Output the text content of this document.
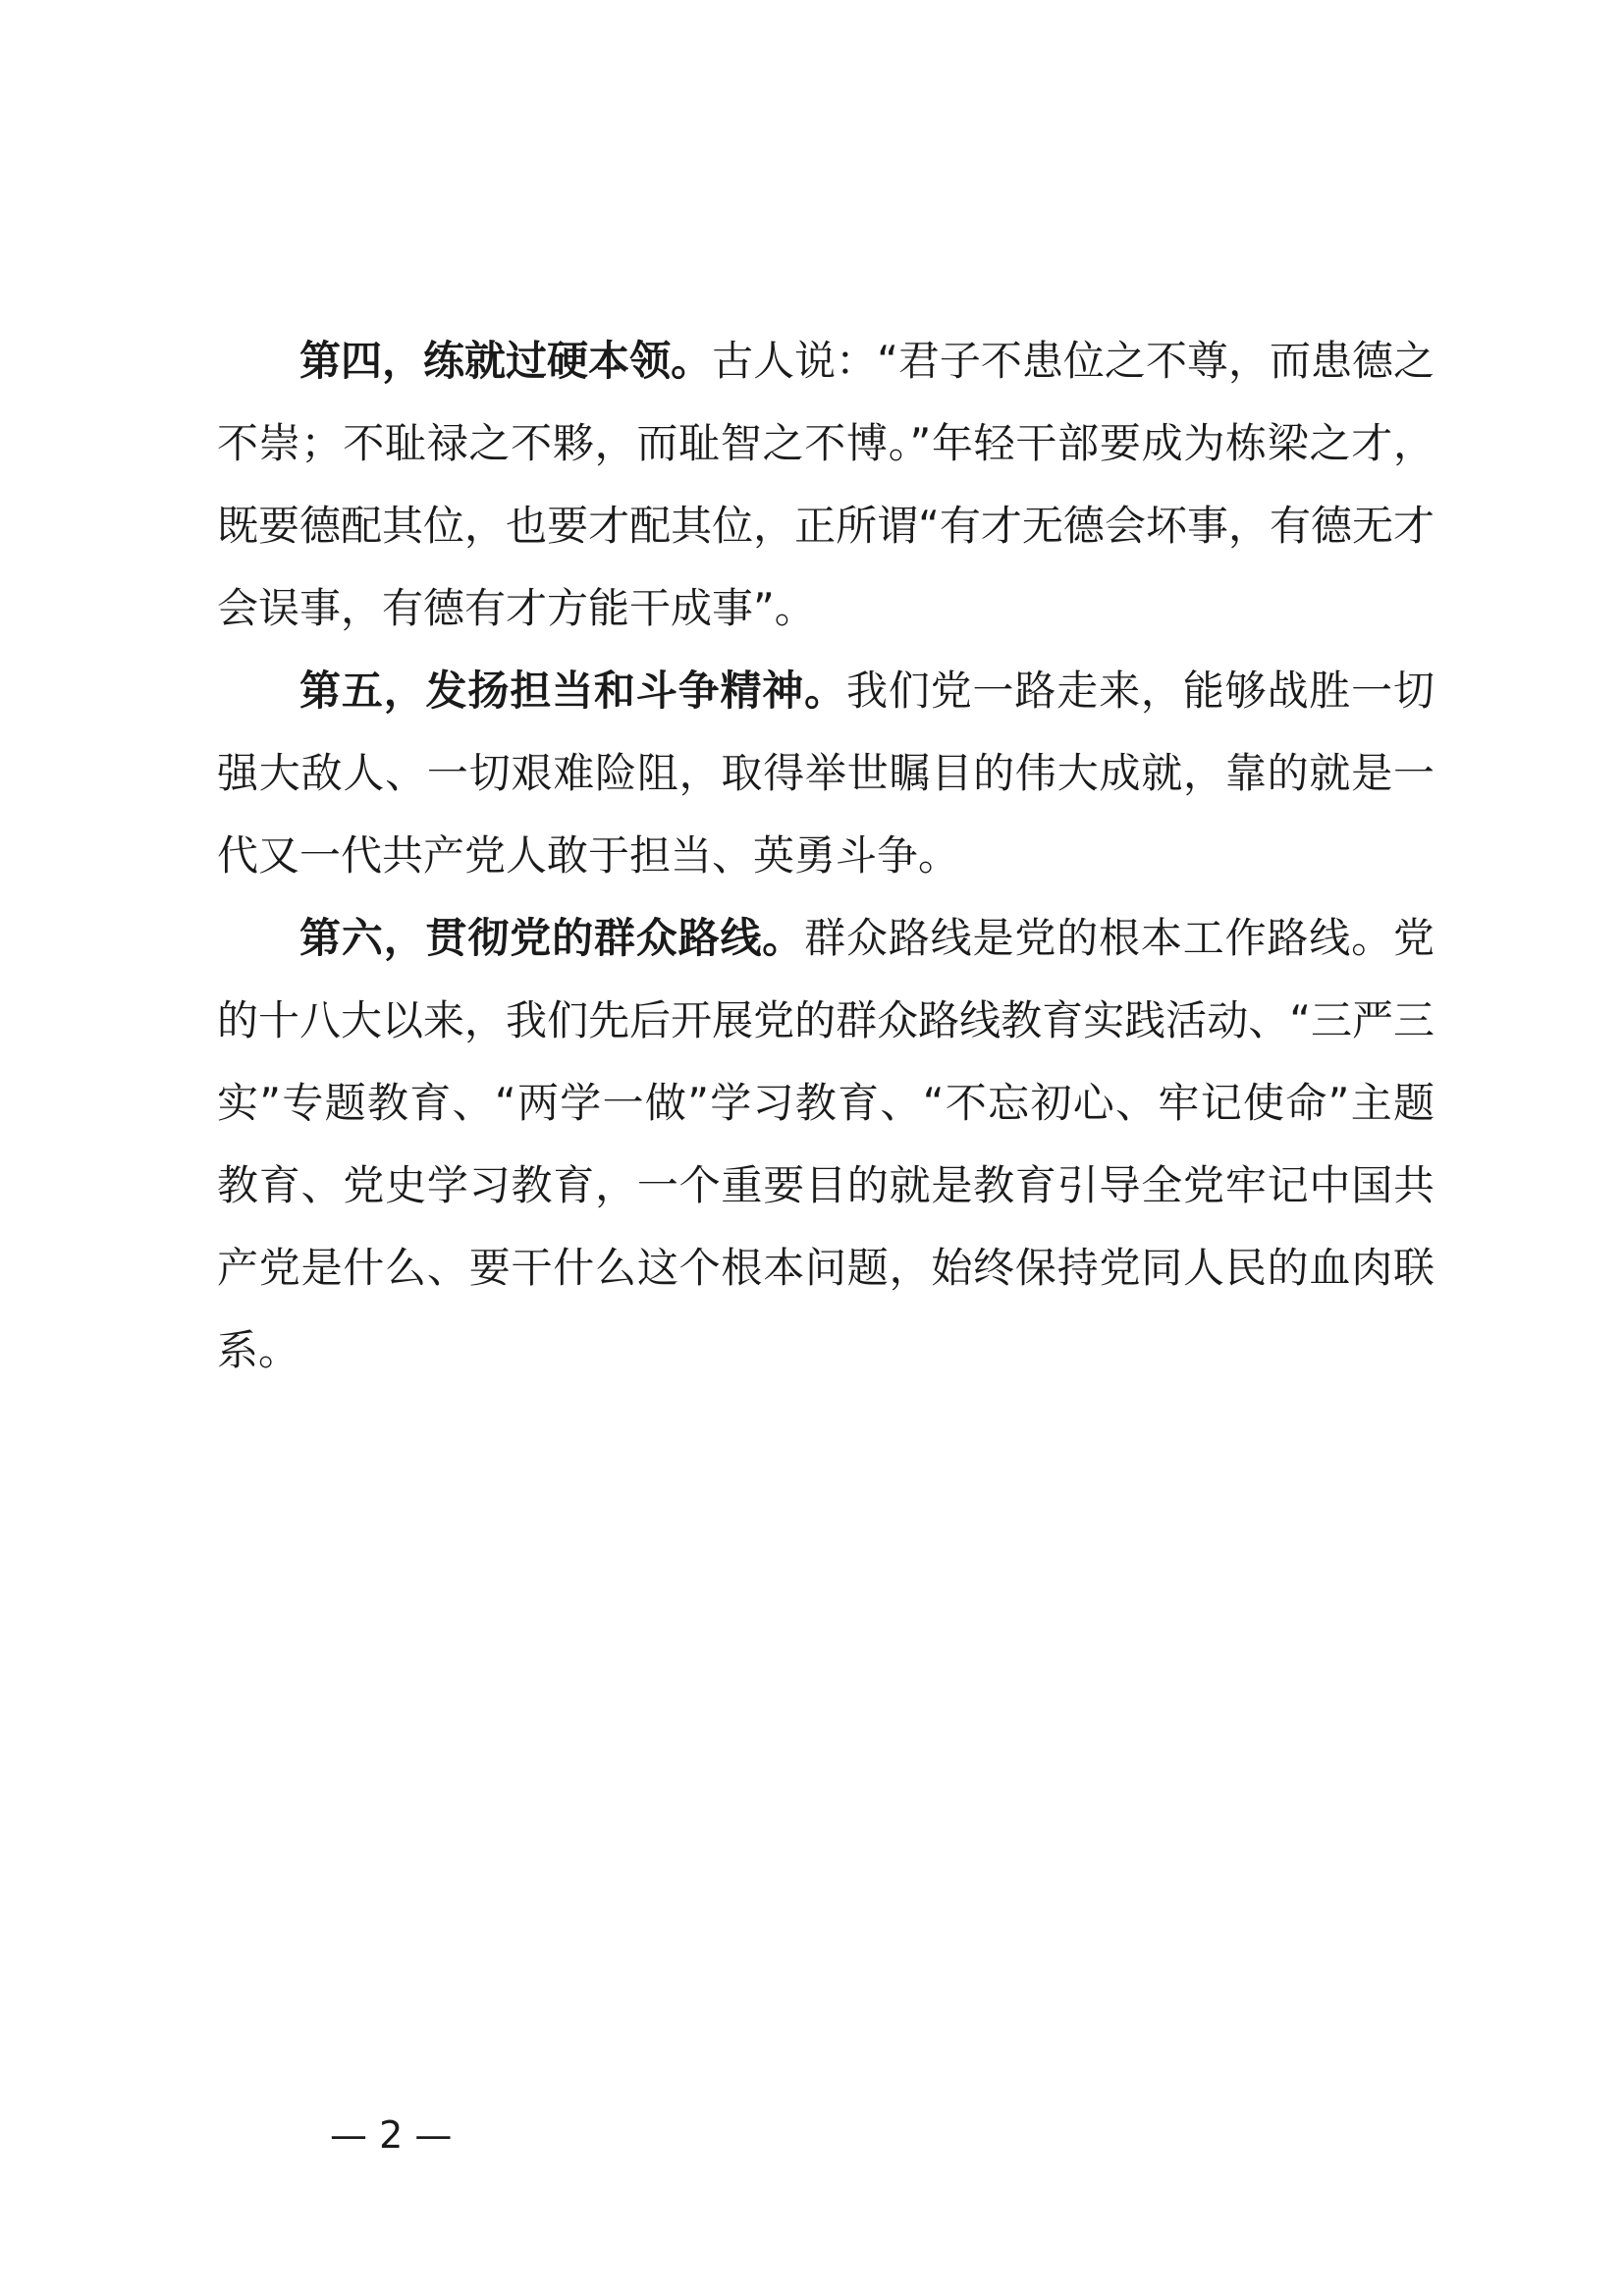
第四，练就过硬本领。古人说：“君子不患位之不尊，而患德之不崇；不耻禄之不夥，而耻智之不博。”年轻干部要成为栋梁之才，既要德配其位，也要才配其位，正所谓“有才无德会坏事，有德无才会误事，有德有才方能干成事”。

第五，发扬担当和斗争精神。我们党一路走来，能够战胜一切强大敌人、一切艰难险阻，取得举世瞩目的伟大成就，靠的就是一代又一代共产党人敢于担当、英勇斗争。

第六，贯彻党的群众路线。群众路线是党的根本工作路线。党的十八大以来，我们先后开展党的群众路线教育实践活动、“三严三实”专题教育、“两学一做”学习教育、“不忘初心、牢记使命”主题教育、党史学习教育，一个重要目的就是教育引导全党牢记中国共产党是什么、要干什么这个根本问题，始终保持党同人民的血肉联系。

— 2 —
